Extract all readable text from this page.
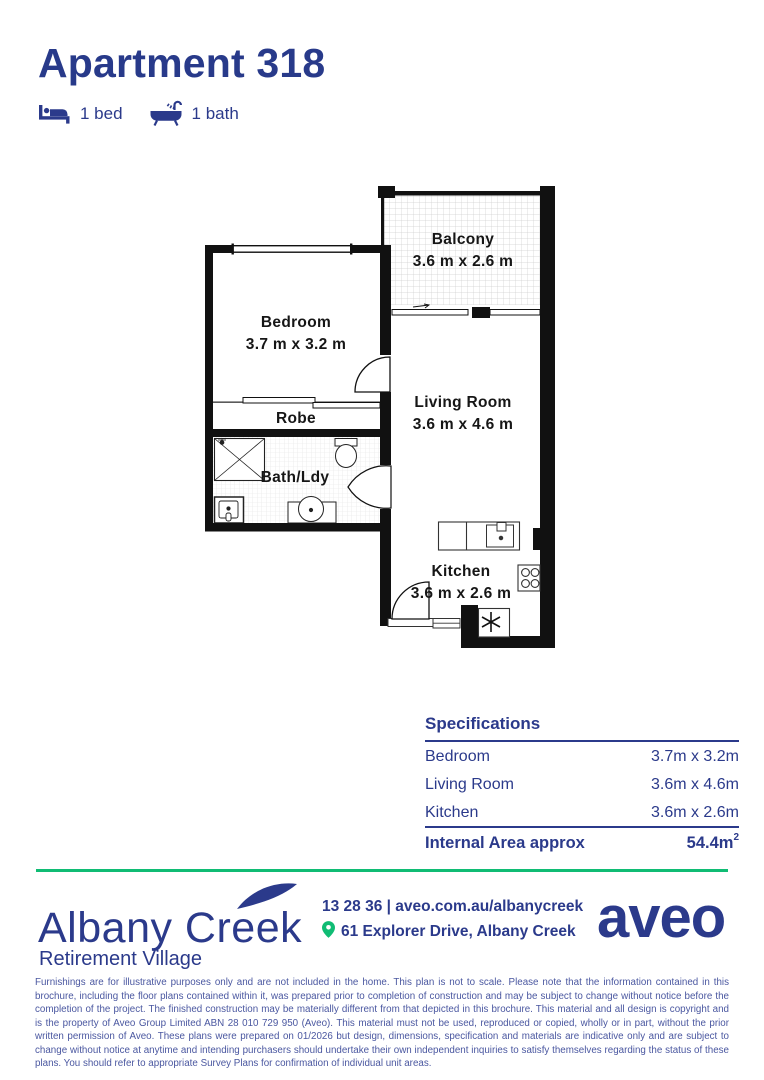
Apartment 318
1 bed	1 bath
Balcony
3.6 m x 2.6 m
Bedroom
3.7 m x 3.2 m
Robe
Bath/Ldy
Living Room
3.6 m x 4.6 m
Kitchen
3.6 m x 2.6 m
Specifications
Bedroom	3.7m x 3.2m
Living Room	3.6m x 4.6m
Kitchen	3.6m x 2.6m
Internal Area approx	$54.4m^2$
Albany Creek
Retirement Village
13 28 36 | aveo.com.au/albanycreek
61 Explorer Drive, Albany Creek aveo
Furnishings are for illustrative purposes only and are not included in the home. This plan is not to scale. Please note that the information contained in this brochure, including the floor plans contained within it, was prepared prior to completion of construction and may be subject to change without notice before the completion of the project. The finished construction may be materially different from that depicted in this brochure. This material and all design is copyright and is the property of Aveo Group Limited ABN 28 010 729 950 (Aveo). This material must not be used, reproduced or copied, wholly or in part, without the prior written permission of Aveo. These plans were prepared on 01/2026 but design, dimensions, specification and materials are indicative only and are subject to change without notice at anytime and intending purchasers should undertake their own independent inquiries to satisfy themselves regarding the status of these plans. You should refer to appropriate Survey Plans for confirmation of individual unit areas.
